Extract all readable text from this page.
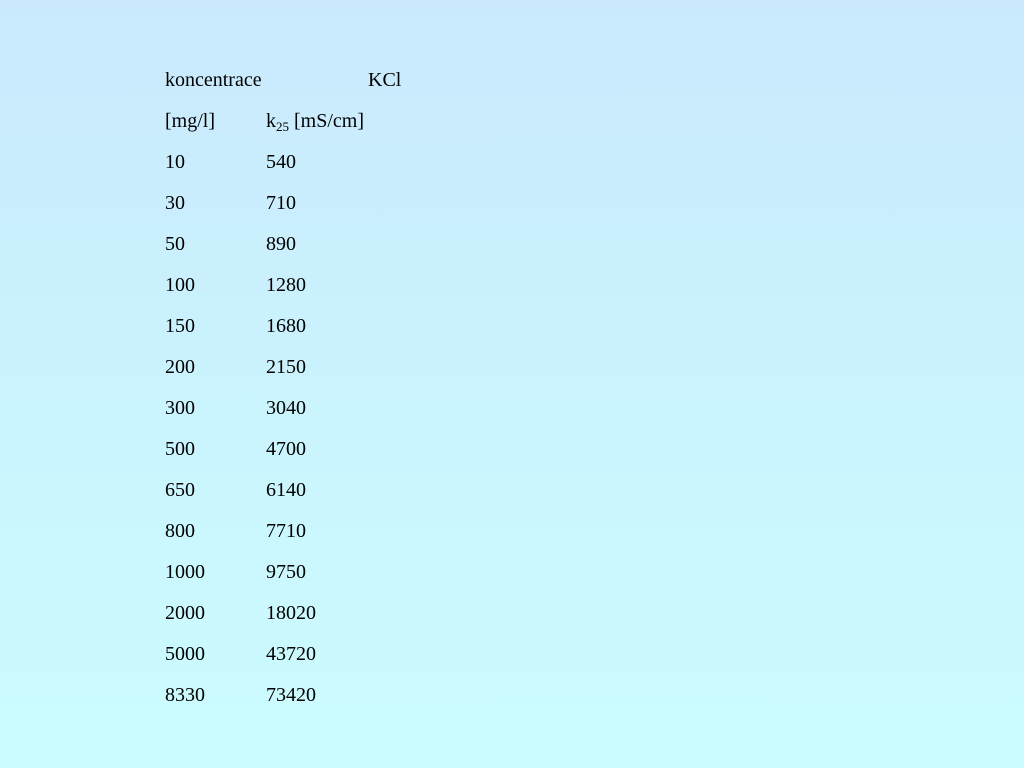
koncentrace	KCl
[mg/l]	$k_{25}$ [mS/cm]
10	540
30	710
50	890
100	1280
150	1680
200	2150
300	3040
500	4700
650	6140
800	7710
1000	9750
2000	18020
5000	43720
8330	73420
